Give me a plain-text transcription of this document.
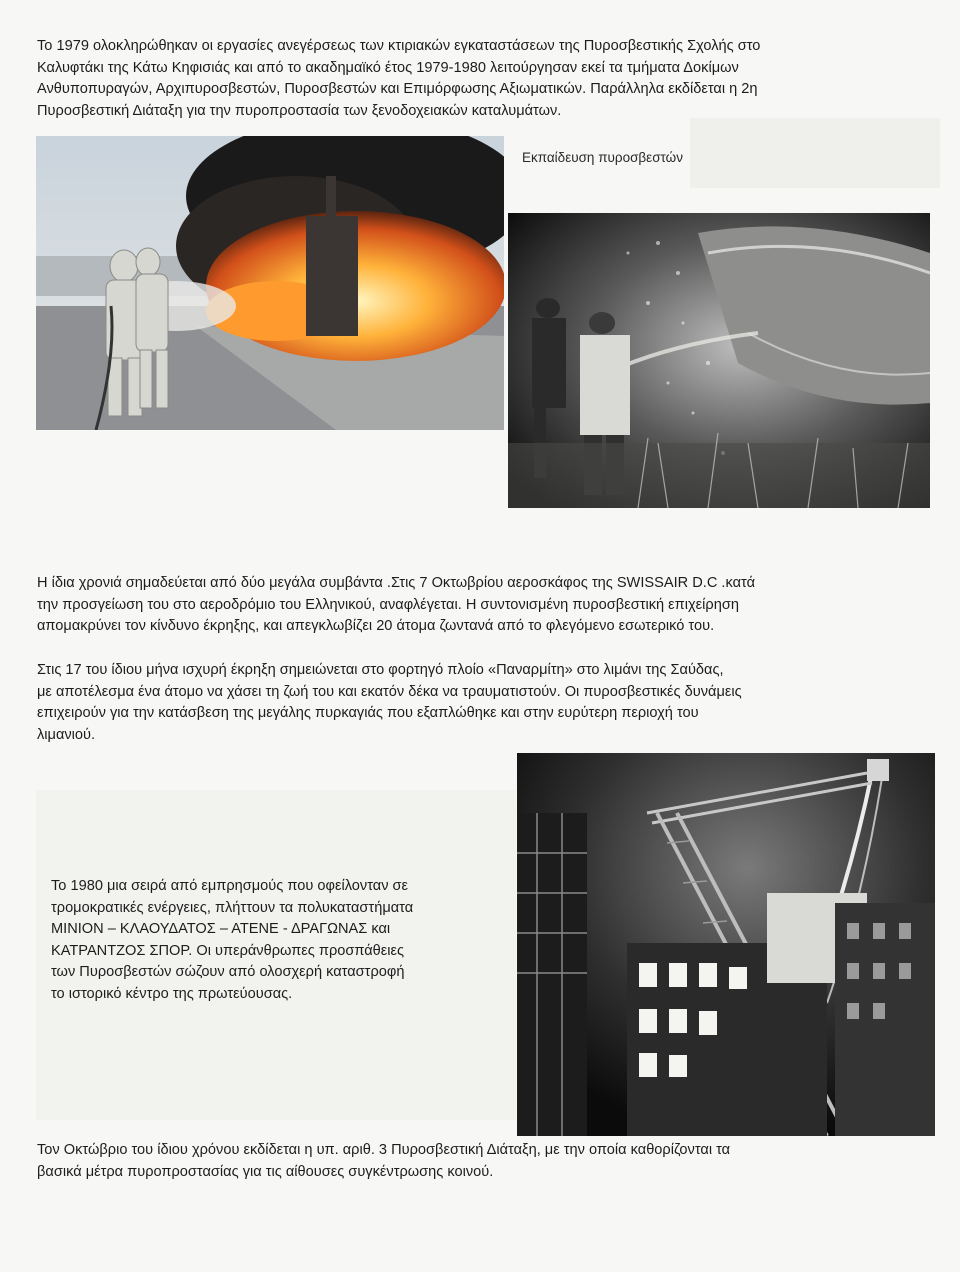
Το 1979 ολοκληρώθηκαν οι εργασίες ανεγέρσεως των κτιριακών εγκαταστάσεων της Πυροσβεστικής Σχολής στο
Καλυφτάκι της Κάτω Κηφισιάς και από το ακαδημαϊκό έτος 1979-1980 λειτούργησαν εκεί τα τμήματα Δοκίμων
Ανθυποπυραγών, Αρχιπυροσβεστών, Πυροσβεστών και Επιμόρφωσης Αξιωματικών. Παράλληλα εκδίδεται η 2η
Πυροσβεστική Διάταξη για την πυροπροστασία των ξενοδοχειακών καταλυμάτων.
Εκπαίδευση πυροσβεστών
Η ίδια χρονιά σημαδεύεται από δύο μεγάλα συμβάντα .Στις 7 Οκτωβρίου αεροσκάφος της SWISSAIR D.C .κατά
την προσγείωση του στο αεροδρόμιο του Ελληνικού, αναφλέγεται. Η συντονισμένη πυροσβεστική επιχείρηση
απομακρύνει τον κίνδυνο έκρηξης, και απεγκλωβίζει 20 άτομα ζωντανά από το φλεγόμενο εσωτερικό του.
Στις 17 του ίδιου μήνα ισχυρή έκρηξη σημειώνεται στο φορτηγό πλοίο «Παναρμίτη» στο λιμάνι της Σαύδας,
με αποτέλεσμα ένα άτομο να χάσει τη ζωή του και εκατόν δέκα να τραυματιστούν. Οι πυροσβεστικές δυνάμεις
επιχειρούν για την κατάσβεση της μεγάλης πυρκαγιάς που εξαπλώθηκε και στην ευρύτερη περιοχή του
λιμανιού.
Το 1980 μια σειρά από εμπρησμούς που οφείλονταν σε
τρομοκρατικές ενέργειες, πλήττουν τα πολυκαταστήματα
ΜΙΝΙΟΝ – ΚΛΑΟΥΔΑΤΟΣ – ΑΤΕΝΕ - ΔΡΑΓΩΝΑΣ και
ΚΑΤΡΑΝΤΖΟΣ ΣΠΟΡ. Οι υπεράνθρωπες προσπάθειες
των Πυροσβεστών σώζουν από ολοσχερή καταστροφή
το ιστορικό κέντρο της πρωτεύουσας.
Τον Οκτώβριο του ίδιου χρόνου εκδίδεται η υπ. αριθ. 3 Πυροσβεστική Διάταξη, με την οποία καθορίζονται τα
βασικά μέτρα πυροπροστασίας για τις αίθουσες συγκέντρωσης κοινού.
